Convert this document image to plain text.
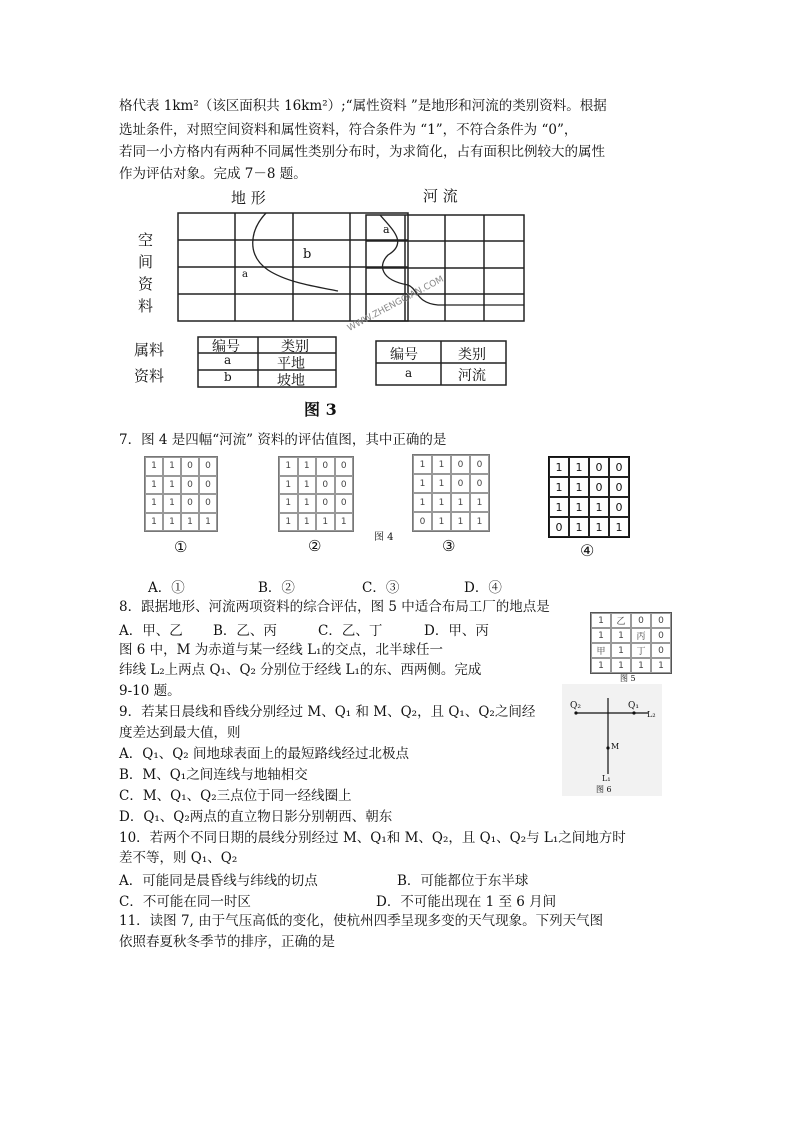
格代表 1km²（该区面积共 16km²）;“属性资料 ”是地形和河流的类别资料。根据
选址条件，对照空间资料和属性资料，符合条件为 “1”，不符合条件为 “0”，
若同一小方格内有两种不同属性类别分布时，为求简化，占有面积比例较大的属性
作为评估对象。完成 7－8 题。
地 形	河 流
空
间
资
料
a
b
a
属料
资料
编号	类别
a	平地
b	坡地
编号	类别
a	河流
WWW.ZHENGQIAN.COM
图 3
7．图 4 是四幅“河流” 资料的评估值图，其中正确的是
1	1	0	0
1	1	0	0
1	1	0	0
1	1	1	1
1	1	0	0
1	1	0	0
1	1	0	0
1	1	1	1
1	1	0	0
1	1	0	0
1	1	1	1
0	1	1	1
1	1	0	0
1	1	0	0
1	1	1	0
0	1	1	1
①	②	③	④
图 4
A．①	B．②	C．③	D．④
8．跟据地形、河流两项资料的综合评估，图 5 中适合布局工厂的地点是
A．甲、乙 B．乙、丙	C．乙、丁	D．甲、丙
1	乙	0	0
1	1	丙	0
甲	1	丁	0
1	1	1	1
图 5
图 6 中，M 为赤道与某一经线 L₁的交点，北半球任一
纬线 L₂上两点 Q₁、Q₂ 分别位于经线 L₁的东、西两侧。完成
9-10 题。
Q₂	Q₁
L₂
M
L₁
图 6
9．若某日晨线和昏线分别经过 M、Q₁ 和 M、Q₂，且 Q₁、Q₂之间经
度差达到最大值，则
A．Q₁、Q₂ 间地球表面上的最短路线经过北极点
B．M、Q₁之间连线与地轴相交
C．M、Q₁、Q₂三点位于同一经线圈上
D．Q₁、Q₂两点的直立物日影分别朝西、朝东
10．若两个不同日期的晨线分别经过 M、Q₁和 M、Q₂，且 Q₁、Q₂与 L₁之间地方时
差不等，则 Q₁、Q₂
A．可能同是晨昏线与纬线的切点	B．可能都位于东半球
C．不可能在同一时区	D．不可能出现在 1 至 6 月间
11．读图 7, 由于气压高低的变化，使杭州四季呈现多变的天气现象。下列天气图
依照春夏秋冬季节的排序，正确的是
